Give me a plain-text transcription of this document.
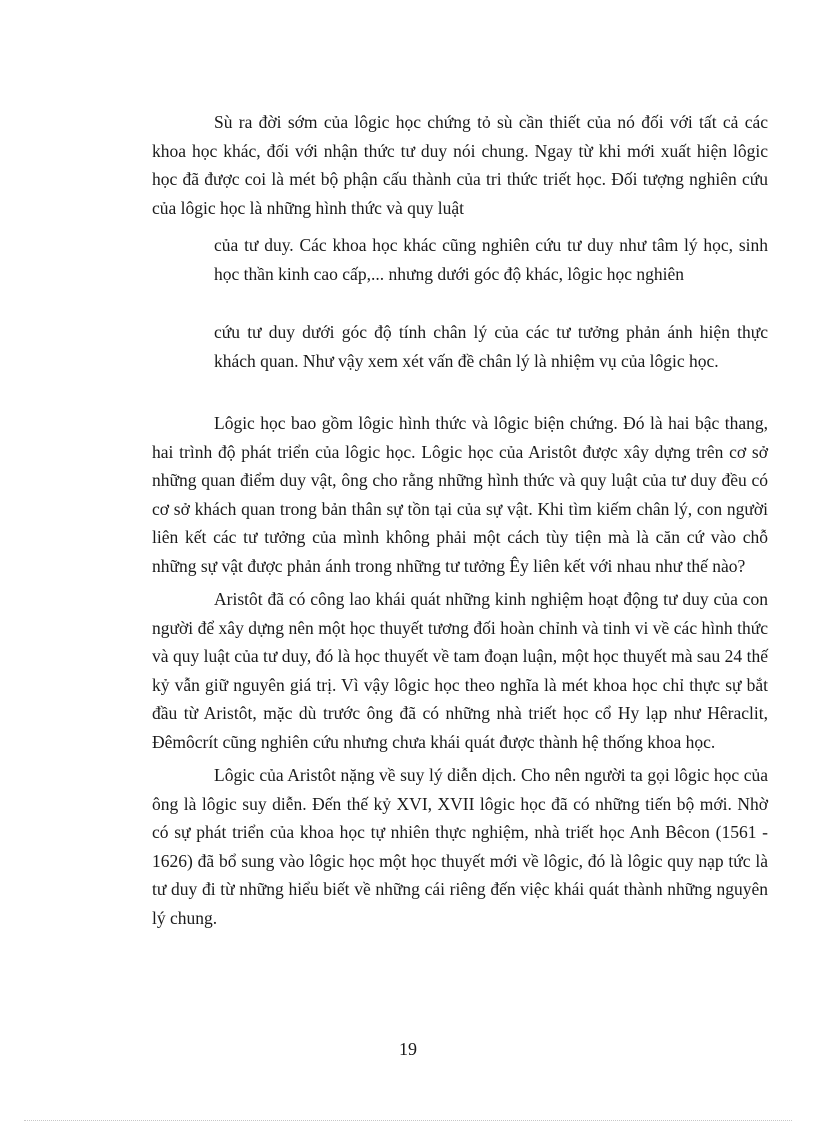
Sù ra đời sớm của lôgic học chứng tỏ sù cần thiết của nó đối với tất cả các khoa học khác, đối với nhận thức tư duy nói chung. Ngay từ khi mới xuất hiện lôgic học đã được coi là mét bộ phận cấu thành của tri thức triết học. Đối tượng nghiên cứu của lôgic học là những hình thức và quy luật

của tư duy. Các khoa học khác cũng nghiên cứu tư duy như tâm lý học, sinh học thần kinh cao cấp,... nhưng dưới góc độ khác, lôgic học nghiên

cứu tư duy dưới góc độ tính chân lý của các tư tưởng phản ánh hiện thực khách quan. Như vậy xem xét vấn đề chân lý là nhiệm vụ của lôgic học.

Lôgic học bao gồm lôgic hình thức và lôgic biện chứng. Đó là hai bậc thang, hai trình độ phát triển của lôgic học. Lôgic học của Aristôt được xây dựng trên cơ sở những quan điểm duy vật, ông cho rằng những hình thức và quy luật của tư duy đều có cơ sở khách quan trong bản thân sự tồn tại của sự vật. Khi tìm kiếm chân lý, con người liên kết các tư tưởng của mình không phải một cách tùy tiện mà là căn cứ vào chỗ những sự vật được phản ánh trong những tư tưởng Êy liên kết với nhau như thế nào?

Aristôt đã có công lao khái quát những kinh nghiệm hoạt động tư duy của con người để xây dựng nên một học thuyết tương đối hoàn chỉnh và tinh vi về các hình thức và quy luật của tư duy, đó là học thuyết về tam đoạn luận, một học thuyết mà sau 24 thế kỷ vẫn giữ nguyên giá trị. Vì vậy lôgic học theo nghĩa là mét khoa học chỉ thực sự bắt đầu từ Aristôt, mặc dù trước ông đã có những nhà triết học cổ Hy lạp như Hêraclit, Đêmôcrít cũng nghiên cứu nhưng chưa khái quát được thành hệ thống khoa học.

Lôgic của Aristôt nặng về suy lý diễn dịch. Cho nên người ta gọi lôgic học của ông là lôgic suy diễn. Đến thế kỷ XVI, XVII lôgic học đã có những tiến bộ mới. Nhờ có sự phát triển của khoa học tự nhiên thực nghiệm, nhà triết học Anh Bêcon (1561 - 1626) đã bổ sung vào lôgic học một học thuyết mới về lôgic, đó là lôgic quy nạp tức là tư duy đi từ những hiểu biết về những cái riêng đến việc khái quát thành những nguyên lý chung.

19
